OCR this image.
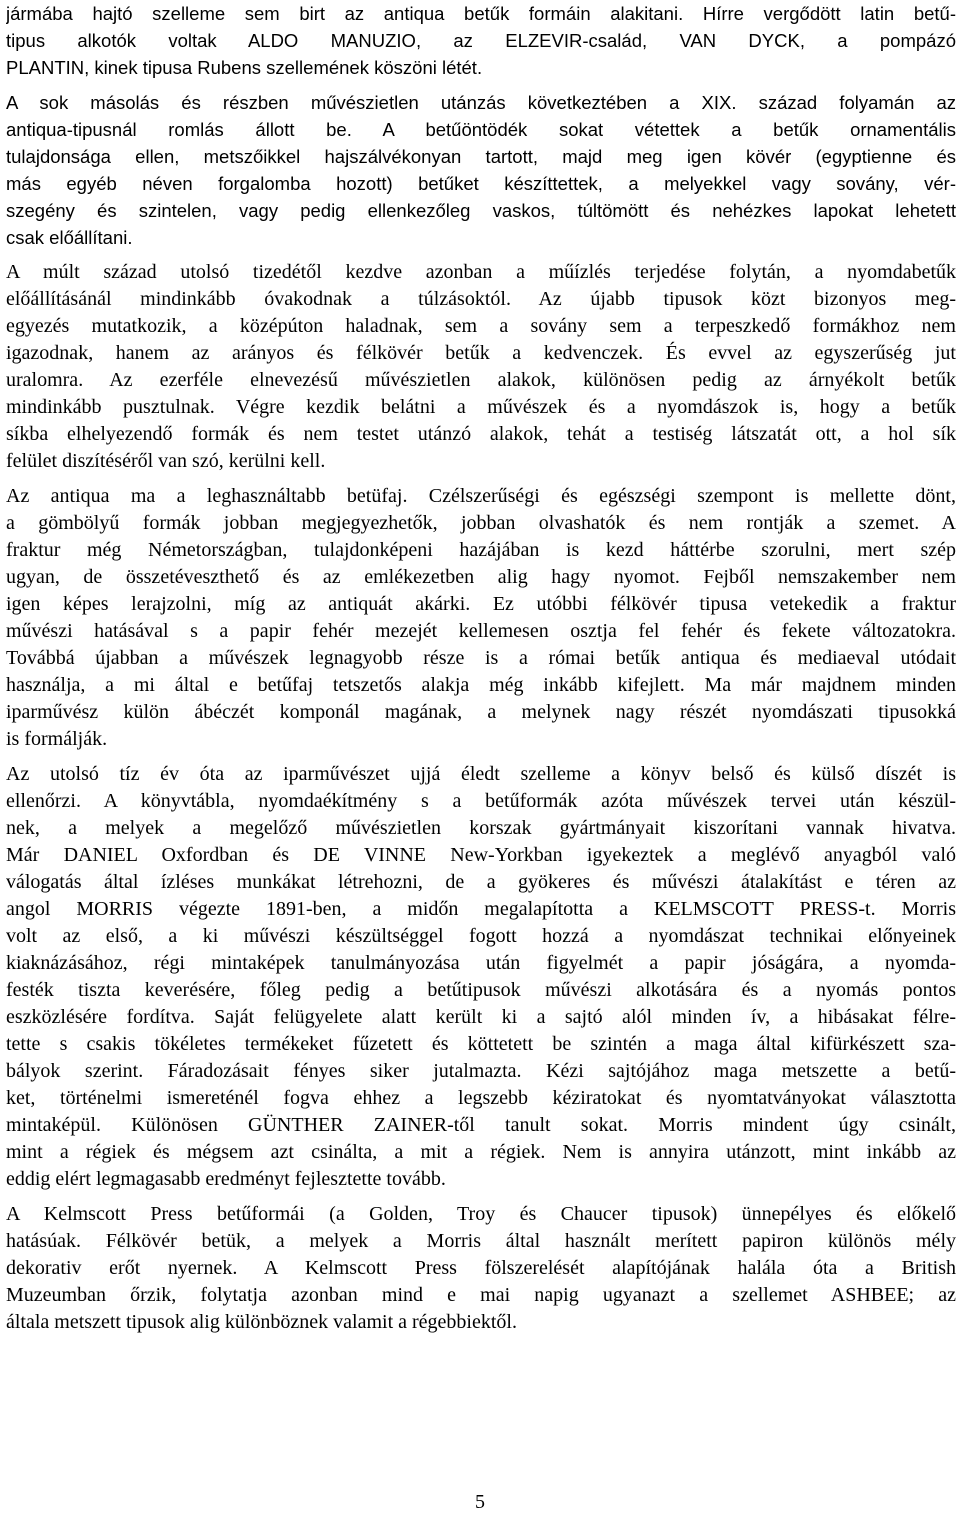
jármába hajtó szelleme sem birt az antiqua betűk formáin alakitani. Hírre vergődött latin betű-
tipus alkotók voltak ALDO MANUZIO, az ELZEVIR-család, VAN DYCK, a pompázó
PLANTIN, kinek tipusa Rubens szellemének köszöni létét.
A sok másolás és részben művészietlen utánzás következtében a XIX. század folyamán az
antiqua-tipusnál romlás állott be. A betűöntödék sokat vétettek a betűk ornamentális
tulajdonsága ellen, metszőikkel hajszálvékonyan tartott, majd meg igen kövér (egyptienne és
más egyéb néven forgalomba hozott) betűket készíttettek, a melyekkel vagy sovány, vér-
szegény és szintelen, vagy pedig ellenkezőleg vaskos, túltömött és nehézkes lapokat lehetett
csak előállítani.
A múlt század utolsó tizedétől kezdve azonban a műízlés terjedése folytán, a nyomdabetűk
előállításánál mindinkább óvakodnak a túlzásoktól. Az újabb tipusok közt bizonyos meg-
egyezés mutatkozik, a középúton haladnak, sem a sovány sem a terpeszkedő formákhoz nem
igazodnak, hanem az arányos és félkövér betűk a kedvenczek. És evvel az egyszerűség jut
uralomra. Az ezerféle elnevezésű művészietlen alakok, különösen pedig az árnyékolt betűk
mindinkább pusztulnak. Végre kezdik belátni a művészek és a nyomdászok is, hogy a betűk
síkba elhelyezendő formák és nem testet utánzó alakok, tehát a testiség látszatát ott, a hol sík
felület diszítéséről van szó, kerülni kell.
Az antiqua ma a leghasználtabb betüfaj. Czélszerűségi és egészségi szempont is mellette dönt,
a gömbölyű formák jobban megjegyezhetők, jobban olvashatók és nem rontják a szemet. A
fraktur még Németországban, tulajdonképeni hazájában is kezd háttérbe szorulni, mert szép
ugyan, de összetéveszthető és az emlékezetben alig hagy nyomot. Fejből nemszakember nem
igen képes lerajzolni, míg az antiquát akárki. Ez utóbbi félkövér tipusa vetekedik a fraktur
művészi hatásával s a papir fehér mezejét kellemesen osztja fel fehér és fekete változatokra.
Továbbá újabban a művészek legnagyobb része is a római betűk antiqua és mediaeval utódait
használja, a mi által e betűfaj tetszetős alakja még inkább kifejlett. Ma már majdnem minden
iparművész külön ábéczét komponál magának, a melynek nagy részét nyomdászati tipusokká
is formálják.
Az utolsó tíz év óta az iparművészet ujjá éledt szelleme a könyv belső és külső díszét is
ellenőrzi. A könyvtábla, nyomdaékítmény s a betűformák azóta művészek tervei után készül-
nek, a melyek a megelőző művészietlen korszak gyártmányait kiszorítani vannak hivatva.
Már DANIEL Oxfordban és DE VINNE New-Yorkban igyekeztek a meglévő anyagból való
válogatás által ízléses munkákat létrehozni, de a gyökeres és művészi átalakítást e téren az
angol MORRIS végezte 1891-ben, a midőn megalapította a KELMSCOTT PRESS-t. Morris
volt az első, a ki művészi készültséggel fogott hozzá a nyomdászat technikai előnyeinek
kiaknázásához, régi mintaképek tanulmányozása után figyelmét a papir jóságára, a nyomda-
festék tiszta keverésére, főleg pedig a betűtipusok művészi alkotására és a nyomás pontos
eszközlésére fordítva. Saját felügyelete alatt került ki a sajtó alól minden ív, a hibásakat félre-
tette s csakis tökéletes termékeket fűzetett és köttetett be szintén a maga által kifürkészett sza-
bályok szerint. Fáradozásait fényes siker jutalmazta. Kézi sajtójához maga metszette a betű-
ket, történelmi ismereténél fogva ehhez a legszebb kéziratokat és nyomtatványokat választotta
mintaképül. Különösen GÜNTHER ZAINER-től tanult sokat. Morris mindent úgy csinált,
mint a régiek és mégsem azt csinálta, a mit a régiek. Nem is annyira utánzott, mint inkább az
eddig elért legmagasabb eredményt fejlesztette tovább.
A Kelmscott Press betűformái (a Golden, Troy és Chaucer tipusok) ünnepélyes és előkelő
hatásúak. Félkövér betük, a melyek a Morris által használt merített papiron különös mély
dekorativ erőt nyernek. A Kelmscott Press fölszerelését alapítójának halála óta a British
Muzeumban őrzik, folytatja azonban mind e mai napig ugyanazt a szellemet ASHBEE; az
általa metszett tipusok alig különböznek valamit a régebbiektől.
5
